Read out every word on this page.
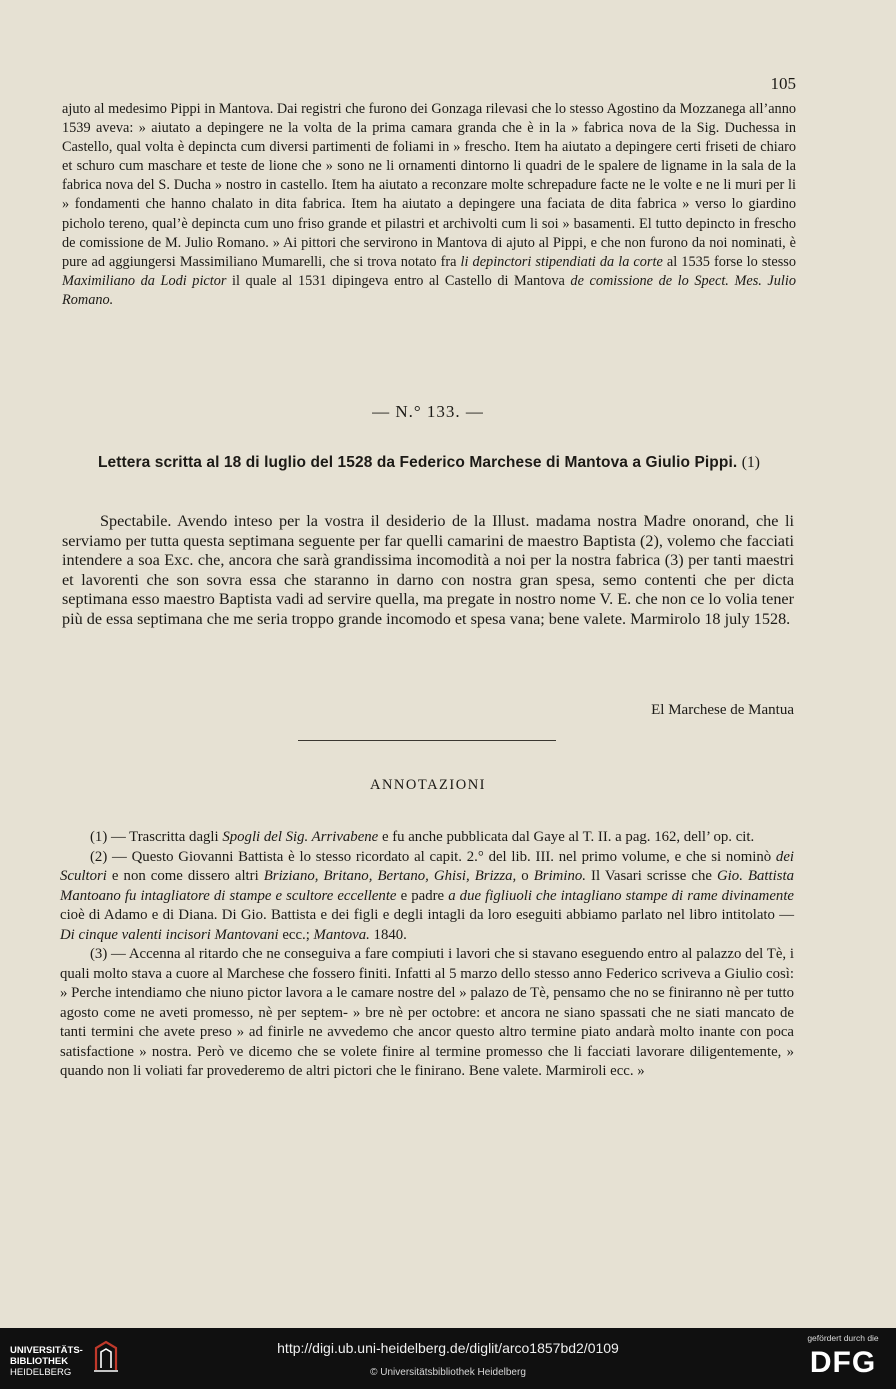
105
ajuto al medesimo Pippi in Mantova. Dai registri che furono dei Gonzaga rilevasi che lo stesso Agostino da Mozzanega all’anno 1539 aveva: » aiutato a depingere ne la volta de la prima camara granda che è in la » fabrica nova de la Sig. Duchessa in Castello, qual volta è depincta cum diversi partimenti de foliami in » frescho. Item ha aiutato a depingere certi friseti de chiaro et schuro cum maschare et teste de lione che » sono ne li ornamenti dintorno li quadri de le spalere de ligname in la sala de la fabrica nova del S. Ducha » nostro in castello. Item ha aiutato a reconzare molte schrepadure facte ne le volte e ne li muri per li » fondamenti che hanno chalato in dita fabrica. Item ha aiutato a depingere una faciata de dita fabrica » verso lo giardino picholo tereno, qual’è depincta cum uno friso grande et pilastri et archivolti cum li soi » basamenti. El tutto depincto in frescho de comissione de M. Julio Romano. » Ai pittori che servirono in Mantova di ajuto al Pippi, e che non furono da noi nominati, è pure ad aggiungersi Massimiliano Mumarelli, che si trova notato fra li depinctori stipendiati da la corte al 1535 forse lo stesso Maximiliano da Lodi pictor il quale al 1531 dipingeva entro al Castello di Mantova de comissione de lo Spect. Mes. Julio Romano.
— N.° 133. —
Lettera scritta al 18 di luglio del 1528 da Federico Marchese di Mantova a Giulio Pippi. (1)
Spectabile. Avendo inteso per la vostra il desiderio de la Illust. madama nostra Madre onorand, che li serviamo per tutta questa septimana seguente per far quelli camarini de maestro Baptista (2), volemo che facciati intendere a soa Exc. che, ancora che sarà grandissima incomodità a noi per la nostra fabrica (3) per tanti maestri et lavorenti che son sovra essa che staranno in darno con nostra gran spesa, semo contenti che per dicta septimana esso maestro Baptista vadi ad servire quella, ma pregate in nostro nome V. E. che non ce lo volia tener più de essa septimana che me seria troppo grande incomodo et spesa vana; bene valete. Marmirolo 18 july 1528.
El Marchese de Mantua
ANNOTAZIONI

(1) — Trascritta dagli Spogli del Sig. Arrivabene e fu anche pubblicata dal Gaye al T. II. a pag. 162, dell’ op. cit.

(2) — Questo Giovanni Battista è lo stesso ricordato al capit. 2.° del lib. III. nel primo volume, e che si nominò dei Scultori e non come dissero altri Briziano, Britano, Bertano, Ghisi, Brizza, o Brimino. Il Vasari scrisse che Gio. Battista Mantoano fu intagliatore di stampe e scultore eccellente e padre a due figliuoli che intagliano stampe di rame divinamente cioè di Adamo e di Diana. Di Gio. Battista e dei figli e degli intagli da loro eseguiti abbiamo parlato nel libro intitolato — Di cinque valenti incisori Mantovani ecc.; Mantova. 1840.

(3) — Accenna al ritardo che ne conseguiva a fare compiuti i lavori che si stavano eseguendo entro al palazzo del Tè, i quali molto stava a cuore al Marchese che fossero finiti. Infatti al 5 marzo dello stesso anno Federico scriveva a Giulio così: » Perche intendiamo che niuno pictor lavora a le camare nostre del » palazo de Tè, pensamo che no se finiranno nè per tutto agosto come ne aveti promesso, nè per septem- » bre nè per octobre: et ancora ne siano spassati che ne siati mancato de tanti termini che avete preso » ad finirle ne avvedemo che ancor questo altro termine piato andarà molto inante con poca satisfactione » nostra. Però ve dicemo che se volete finire al termine promesso che li facciati lavorare diligentemente, » quando non li voliati far provederemo de altri pictori che le finirano. Bene valete. Marmiroli ecc. »

UNIVERSITÄTS-
BIBLIOTHEK
HEIDELBERG
http://digi.ub.uni-heidelberg.de/diglit/arco1857bd2/0109
© Universitätsbibliothek Heidelberg
gefördert durch die
DFG
